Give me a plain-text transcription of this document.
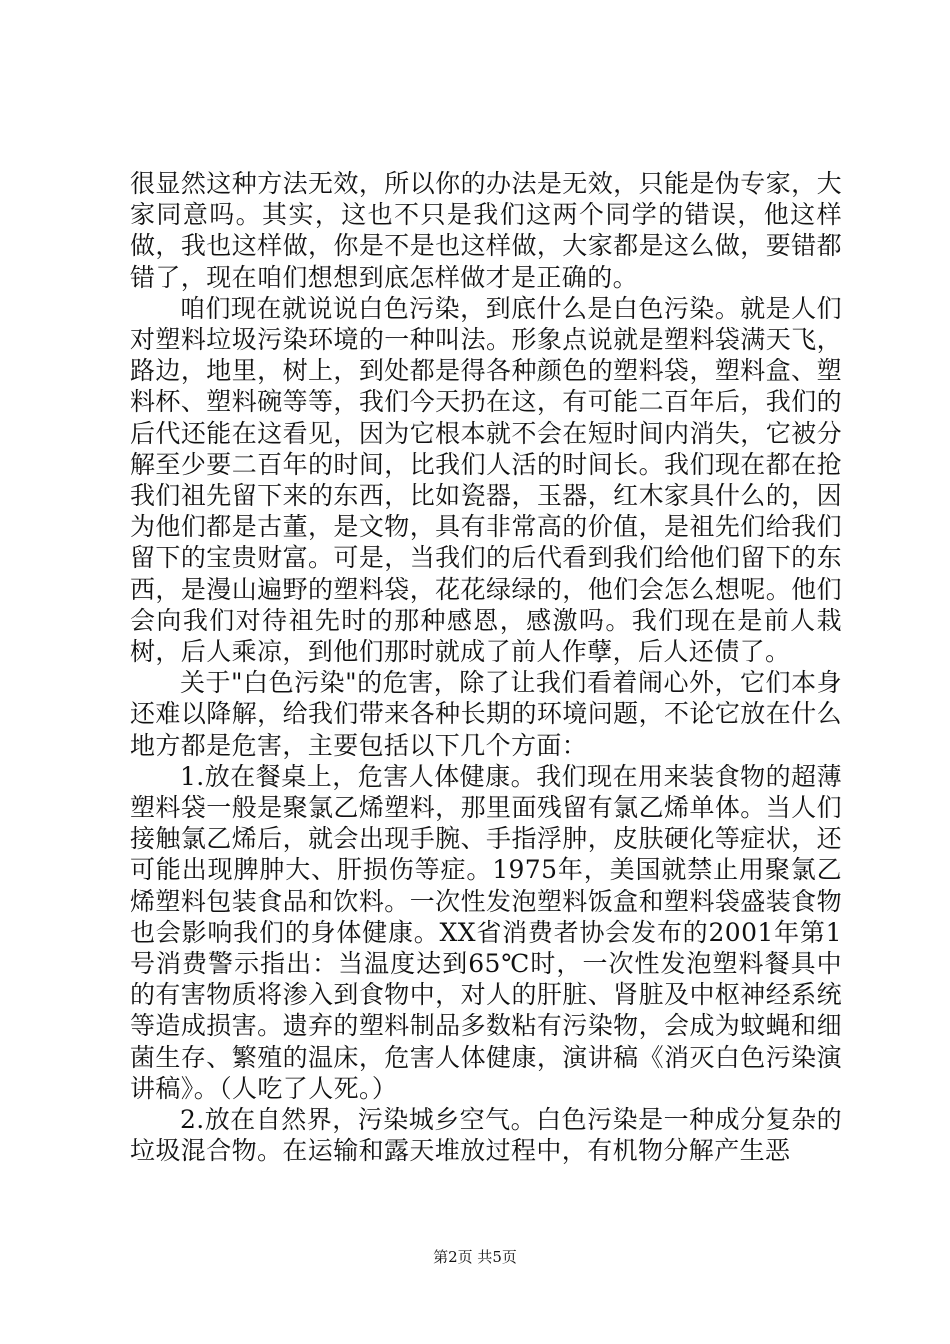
很显然这种方法无效，所以你的办法是无效，只能是伪专家，大家同意吗。其实，这也不只是我们这两个同学的错误，他这样做，我也这样做，你是不是也这样做，大家都是这么做，要错都错了，现在咱们想想到底怎样做才是正确的。

咱们现在就说说白色污染，到底什么是白色污染。就是人们对塑料垃圾污染环境的一种叫法。形象点说就是塑料袋满天飞，路边，地里，树上，到处都是得各种颜色的塑料袋，塑料盒、塑料杯、塑料碗等等，我们今天扔在这，有可能二百年后，我们的后代还能在这看见，因为它根本就不会在短时间内消失，它被分解至少要二百年的时间，比我们人活的时间长。我们现在都在抢我们祖先留下来的东西，比如瓷器，玉器，红木家具什么的，因为他们都是古董，是文物，具有非常高的价值，是祖先们给我们留下的宝贵财富。可是，当我们的后代看到我们给他们留下的东西，是漫山遍野的塑料袋，花花绿绿的，他们会怎么想呢。他们会向我们对待祖先时的那种感恩，感激吗。我们现在是前人栽树，后人乘凉，到他们那时就成了前人作孽，后人还债了。

关于"白色污染"的危害，除了让我们看着闹心外，它们本身还难以降解，给我们带来各种长期的环境问题，不论它放在什么地方都是危害，主要包括以下几个方面：

1.放在餐桌上，危害人体健康。我们现在用来装食物的超薄塑料袋一般是聚氯乙烯塑料，那里面残留有氯乙烯单体。当人们接触氯乙烯后，就会出现手腕、手指浮肿，皮肤硬化等症状，还可能出现脾肿大、肝损伤等症。1975年，美国就禁止用聚氯乙烯塑料包装食品和饮料。一次性发泡塑料饭盒和塑料袋盛装食物也会影响我们的身体健康。XX省消费者协会发布的2001年第1号消费警示指出：当温度达到65℃时，一次性发泡塑料餐具中的有害物质将渗入到食物中，对人的肝脏、肾脏及中枢神经系统等造成损害。遗弃的塑料制品多数粘有污染物，会成为蚊蝇和细菌生存、繁殖的温床，危害人体健康，演讲稿《消灭白色污染演讲稿》。（人吃了人死。）

2.放在自然界，污染城乡空气。白色污染是一种成分复杂的垃圾混合物。在运输和露天堆放过程中，有机物分解产生恶

第2页 共5页
